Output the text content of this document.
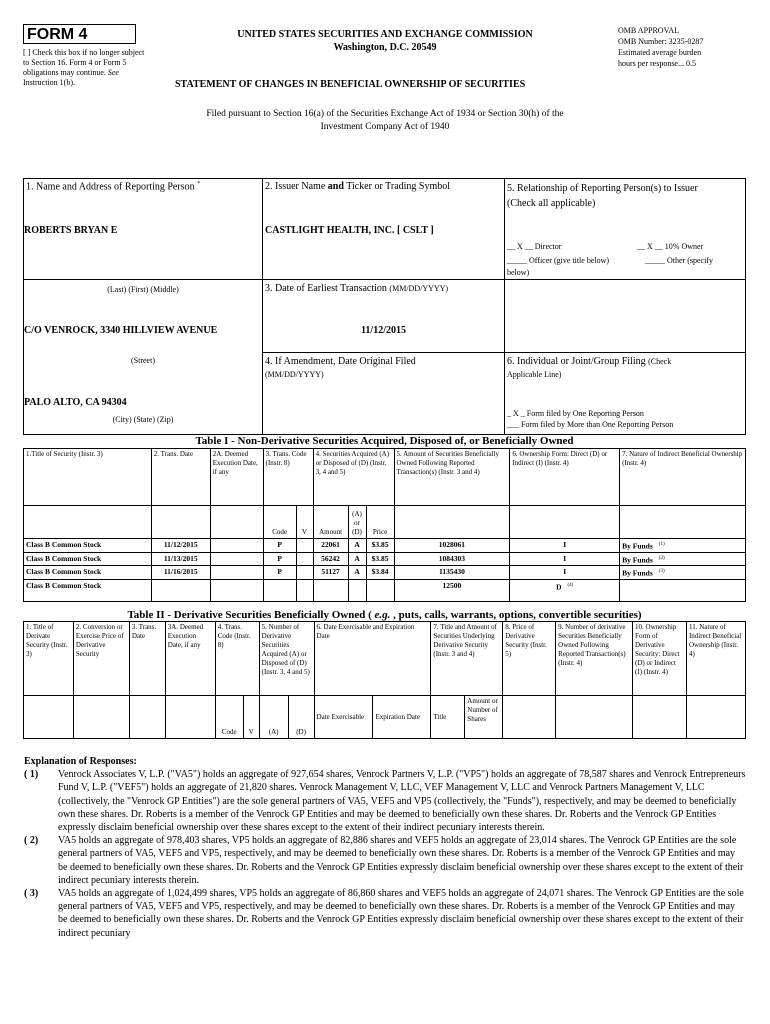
FORM 4
[ ] Check this box if no longer subject to Section 16. Form 4 or Form 5 obligations may continue. See Instruction 1(b).
UNITED STATES SECURITIES AND EXCHANGE COMMISSION
Washington, D.C. 20549
OMB APPROVAL
OMB Number: 3235-0287
Estimated average burden
hours per response... 0.5
STATEMENT OF CHANGES IN BENEFICIAL OWNERSHIP OF SECURITIES
Filed pursuant to Section 16(a) of the Securities Exchange Act of 1934 or Section 30(h) of the
Investment Company Act of 1940
1. Name and Address of Reporting Person *
ROBERTS BRYAN E
(Last) (First) (Middle)
C/O VENROCK, 3340 HILLVIEW AVENUE
(Street)
PALO ALTO, CA 94304
(City) (State) (Zip)
2. Issuer Name and Ticker or Trading Symbol
CASTLIGHT HEALTH, INC. [ CSLT ]
3. Date of Earliest Transaction (MM/DD/YYYY)
11/12/2015
4. If Amendment, Date Original Filed
(MM/DD/YYYY)
5. Relationship of Reporting Person(s) to Issuer
(Check all applicable)
__ X __ Director	__ X __ 10% Owner
_____ Officer (give title below)	_____ Other (specify
below)
6. Individual or Joint/Group Filing (Check
Applicable Line)
_ X _ Form filed by One Reporting Person
___ Form filed by More than One Reporting Person
Table I - Non-Derivative Securities Acquired, Disposed of, or Beneficially Owned
1.Title of Security (Instr. 3)	2. Trans. Date	2A. Deemed Execution Date, if any	3. Trans. Code (Instr. 8)		4. Securities Acquired (A) or Disposed of (D) (Instr. 3, 4 and 5)			5. Amount of Securities Beneficially Owned Following Reported Transaction(s) (Instr. 3 and 4)	6. Ownership Form: Direct (D) or Indirect (I) (Instr. 4)	7. Nature of Indirect Beneficial Ownership (Instr. 4)
			Code	V	Amount	(A) or (D)	Price			
Class B Common Stock	11/12/2015		P		22061	A	$3.85	1028061	I	By Funds $^{(1)}$
Class B Common Stock	11/13/2015		P		56242	A	$3.85	1084303	I	By Funds $^{(2)}$
Class B Common Stock	11/16/2015		P		51127	A	$3.84	1135430	I	By Funds $^{(3)}$
Class B Common Stock								12500	D $^{(4)}$	
Table II - Derivative Securities Beneficially Owned ( e.g. , puts, calls, warrants, options, convertible securities)
1. Title of Derivate Security (Instr. 3)	2. Conversion or Exercise Price of Derivative Security	3. Trans. Date	3A. Deemed Execution Date, if any	4. Trans. Code (Instr. 8)		5. Number of Derivative Securities Acquired (A) or Disposed of (D) (Instr. 3, 4 and 5)		6. Date Exercisable and Expiration Date		7. Title and Amount of Securities Underlying Derivative Security (Instr. 3 and 4)		8. Price of Derivative Security (Instr. 5)	9. Number of derivative Securities Beneficially Owned Following Reported Transaction(s) (Instr. 4)	10. Ownership Form of Derivative Security: Direct (D) or Indirect (I) (Instr. 4)	11. Nature of Indirect Beneficial Ownership (Instr. 4)
				Code	V	(A)	(D)	Date Exercisable	Expiration Date	Title	Amount or Number of Shares				
Explanation of Responses:
( 1)	Venrock Associates V, L.P. ("VA5") holds an aggregate of 927,654 shares, Venrock Partners V, L.P. ("VP5") holds an aggregate of 78,587 shares and Venrock Entrepreneurs Fund V, L.P. ("VEF5") holds an aggregate of 21,820 shares. Venrock Management V, LLC, VEF Management V, LLC and Venrock Partners Management V, LLC (collectively, the "Venrock GP Entities") are the sole general partners of VA5, VEF5 and VP5 (collectively, the "Funds"), respectively, and may be deemed to beneficially own these shares. Dr. Roberts is a member of the Venrock GP Entities and may be deemed to beneficially own these shares. Dr. Roberts and the Venrock GP Entities expressly disclaim beneficial ownership over these shares except to the extent of their indirect pecuniary interests therein.
( 2)	VA5 holds an aggregate of 978,403 shares, VP5 holds an aggregate of 82,886 shares and VEF5 holds an aggregate of 23,014 shares. The Venrock GP Entities are the sole general partners of VA5, VEF5 and VP5, respectively, and may be deemed to beneficially own these shares. Dr. Roberts is a member of the Venrock GP Entities and may be deemed to beneficially own these shares. Dr. Roberts and the Venrock GP Entities expressly disclaim beneficial ownership over these shares except to the extent of their indirect pecuniary interests therein.
( 3)	VA5 holds an aggregate of 1,024,499 shares, VP5 holds an aggregate of 86,860 shares and VEF5 holds an aggregate of 24,071 shares. The Venrock GP Entities are the sole general partners of VA5, VEF5 and VP5, respectively, and may be deemed to beneficially own these shares. Dr. Roberts is a member of the Venrock GP Entities and may be deemed to beneficially own these shares. Dr. Roberts and the Venrock GP Entities expressly disclaim beneficial ownership over these shares except to the extent of their indirect pecuniary
